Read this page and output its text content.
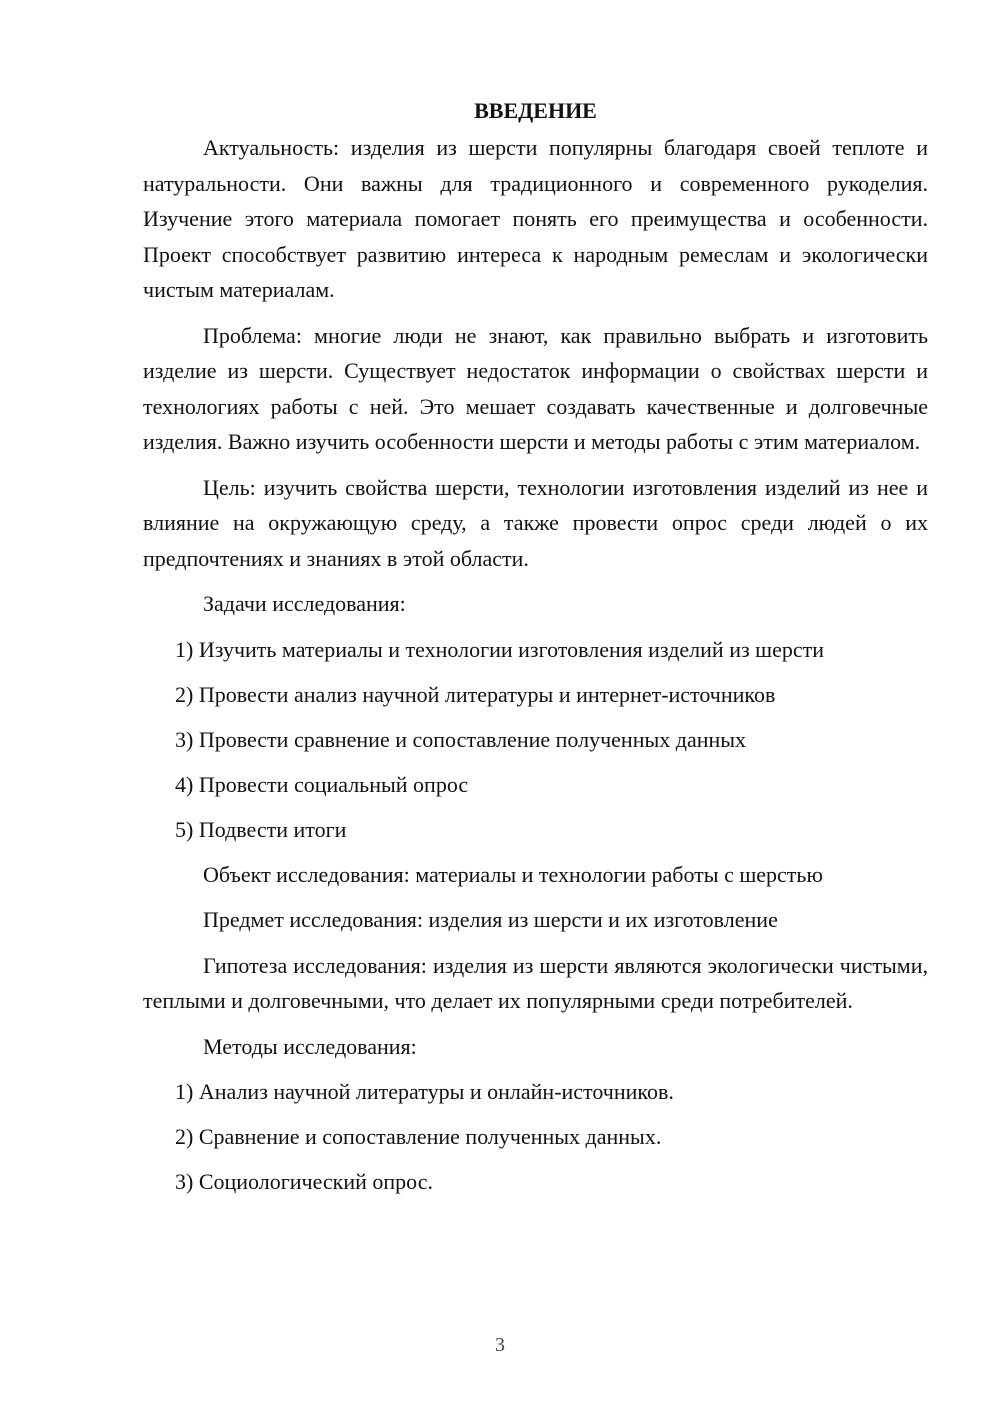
ВВЕДЕНИЕ

Актуальность: изделия из шерсти популярны благодаря своей теплоте и натуральности. Они важны для традиционного и современного рукоделия. Изучение этого материала помогает понять его преимущества и особенности. Проект способствует развитию интереса к народным ремеслам и экологически чистым материалам.

Проблема: многие люди не знают, как правильно выбрать и изготовить изделие из шерсти. Существует недостаток информации о свойствах шерсти и технологиях работы с ней. Это мешает создавать качественные и долговечные изделия. Важно изучить особенности шерсти и методы работы с этим материалом.

Цель: изучить свойства шерсти, технологии изготовления изделий из нее и влияние на окружающую среду, а также провести опрос среди людей о их предпочтениях и знаниях в этой области.

Задачи исследования:

1) Изучить материалы и технологии изготовления изделий из шерсти
2) Провести анализ научной литературы и интернет-источников
3) Провести сравнение и сопоставление полученных данных
4) Провести социальный опрос
5) Подвести итоги

Объект исследования: материалы и технологии работы с шерстью

Предмет исследования: изделия из шерсти и их изготовление

Гипотеза исследования: изделия из шерсти являются экологически чистыми, теплыми и долговечными, что делает их популярными среди потребителей.

Методы исследования:

1) Анализ научной литературы и онлайн-источников.
2) Сравнение и сопоставление полученных данных.
3) Социологический опрос.
3
